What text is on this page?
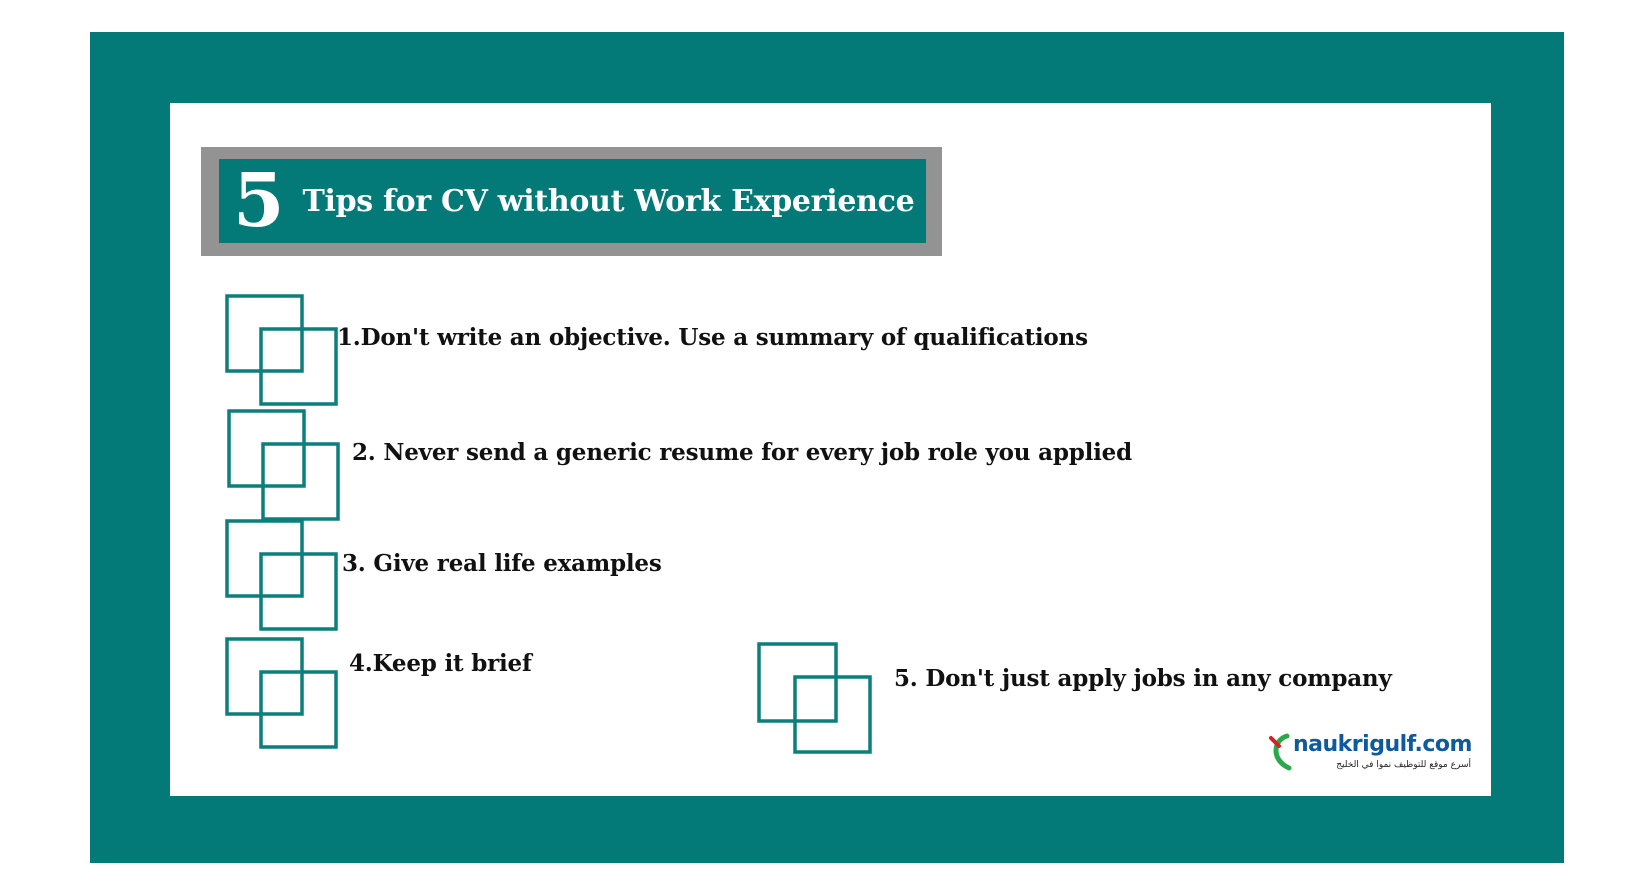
5 Tips for CV without Work Experience
1.Don't write an objective. Use a summary of qualifications
2. Never send a generic resume for every job role you applied
3. Give real life examples
4.Keep it brief
5. Don't just apply jobs in any company
naukrigulf.com
أسرع موقع للتوظيف نموا في الخليج
